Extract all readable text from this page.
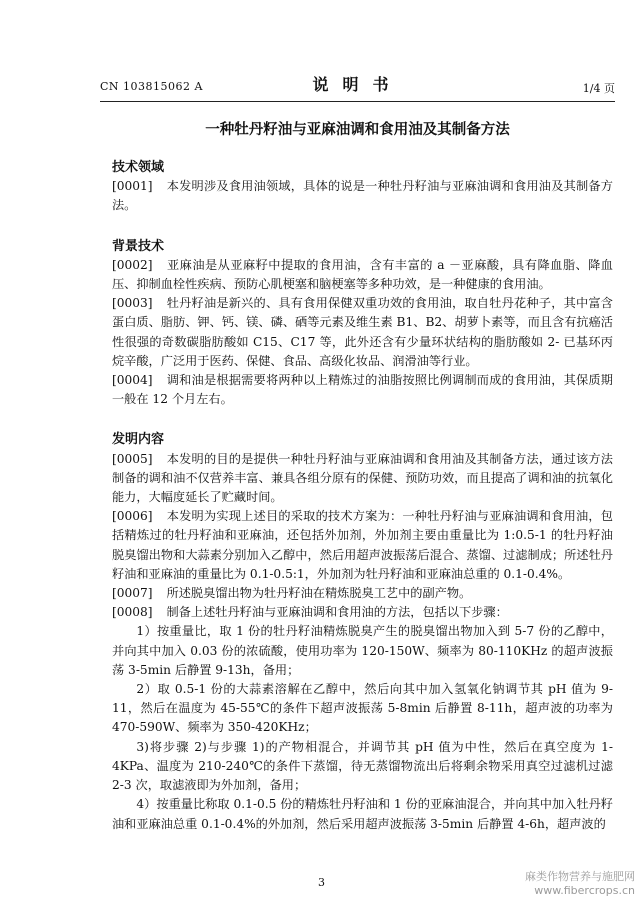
CN 103815062 A	说明书	1/4 页
一种牡丹籽油与亚麻油调和食用油及其制备方法
技术领域

[0001] 本发明涉及食用油领域，具体的说是一种牡丹籽油与亚麻油调和食用油及其制备方法。

背景技术

[0002] 亚麻油是从亚麻籽中提取的食用油，含有丰富的 a －亚麻酸，具有降血脂、降血压、抑制血栓性疾病、预防心肌梗塞和脑梗塞等多种功效，是一种健康的食用油。

[0003] 牡丹籽油是新兴的、具有食用保健双重功效的食用油，取自牡丹花种子，其中富含蛋白质、脂肪、钾、钙、镁、磷、硒等元素及维生素 B1、B2、胡萝卜素等，而且含有抗癌活性很强的奇数碳脂肪酸如 C15、C17 等，此外还含有少量环状结构的脂肪酸如 2- 已基环丙烷辛酸，广泛用于医药、保健、食品、高级化妆品、润滑油等行业。

[0004] 调和油是根据需要将两种以上精炼过的油脂按照比例调制而成的食用油，其保质期一般在 12 个月左右。

发明内容

[0005] 本发明的目的是提供一种牡丹籽油与亚麻油调和食用油及其制备方法，通过该方法制备的调和油不仅营养丰富、兼具各组分原有的保健、预防功效，而且提高了调和油的抗氧化能力，大幅度延长了贮藏时间。

[0006] 本发明为实现上述目的采取的技术方案为：一种牡丹籽油与亚麻油调和食用油，包括精炼过的牡丹籽油和亚麻油，还包括外加剂，外加剂主要由重量比为 1:0.5-1 的牡丹籽油脱臭馏出物和大蒜素分别加入乙醇中，然后用超声波振荡后混合、蒸馏、过滤制成；所述牡丹籽油和亚麻油的重量比为 0.1-0.5:1，外加剂为牡丹籽油和亚麻油总重的 0.1-0.4%。

[0007] 所述脱臭馏出物为牡丹籽油在精炼脱臭工艺中的副产物。

[0008] 制备上述牡丹籽油与亚麻油调和食用油的方法，包括以下步骤：

1）按重量比，取 1 份的牡丹籽油精炼脱臭产生的脱臭馏出物加入到 5-7 份的乙醇中，并向其中加入 0.03 份的浓硫酸，使用功率为 120-150W、频率为 80-110KHz 的超声波振荡 3-5min 后静置 9-13h，备用；

2）取 0.5-1 份的大蒜素溶解在乙醇中，然后向其中加入氢氧化钠调节其 pH 值为 9-11，然后在温度为 45-55℃的条件下超声波振荡 5-8min 后静置 8-11h，超声波的功率为 470-590W、频率为 350-420KHz；

3)将步骤 2)与步骤 1)的产物相混合，并调节其 pH 值为中性，然后在真空度为 1-4KPa、温度为 210-240℃的条件下蒸馏，待无蒸馏物流出后将剩余物采用真空过滤机过滤 2-3 次，取滤液即为外加剂，备用；

4）按重量比称取 0.1-0.5 份的精炼牡丹籽油和 1 份的亚麻油混合，并向其中加入牡丹籽油和亚麻油总重 0.1-0.4%的外加剂，然后采用超声波振荡 3-5min 后静置 4-6h，超声波的

3	麻类作物营养与施肥网
www.fibercrops.cn
